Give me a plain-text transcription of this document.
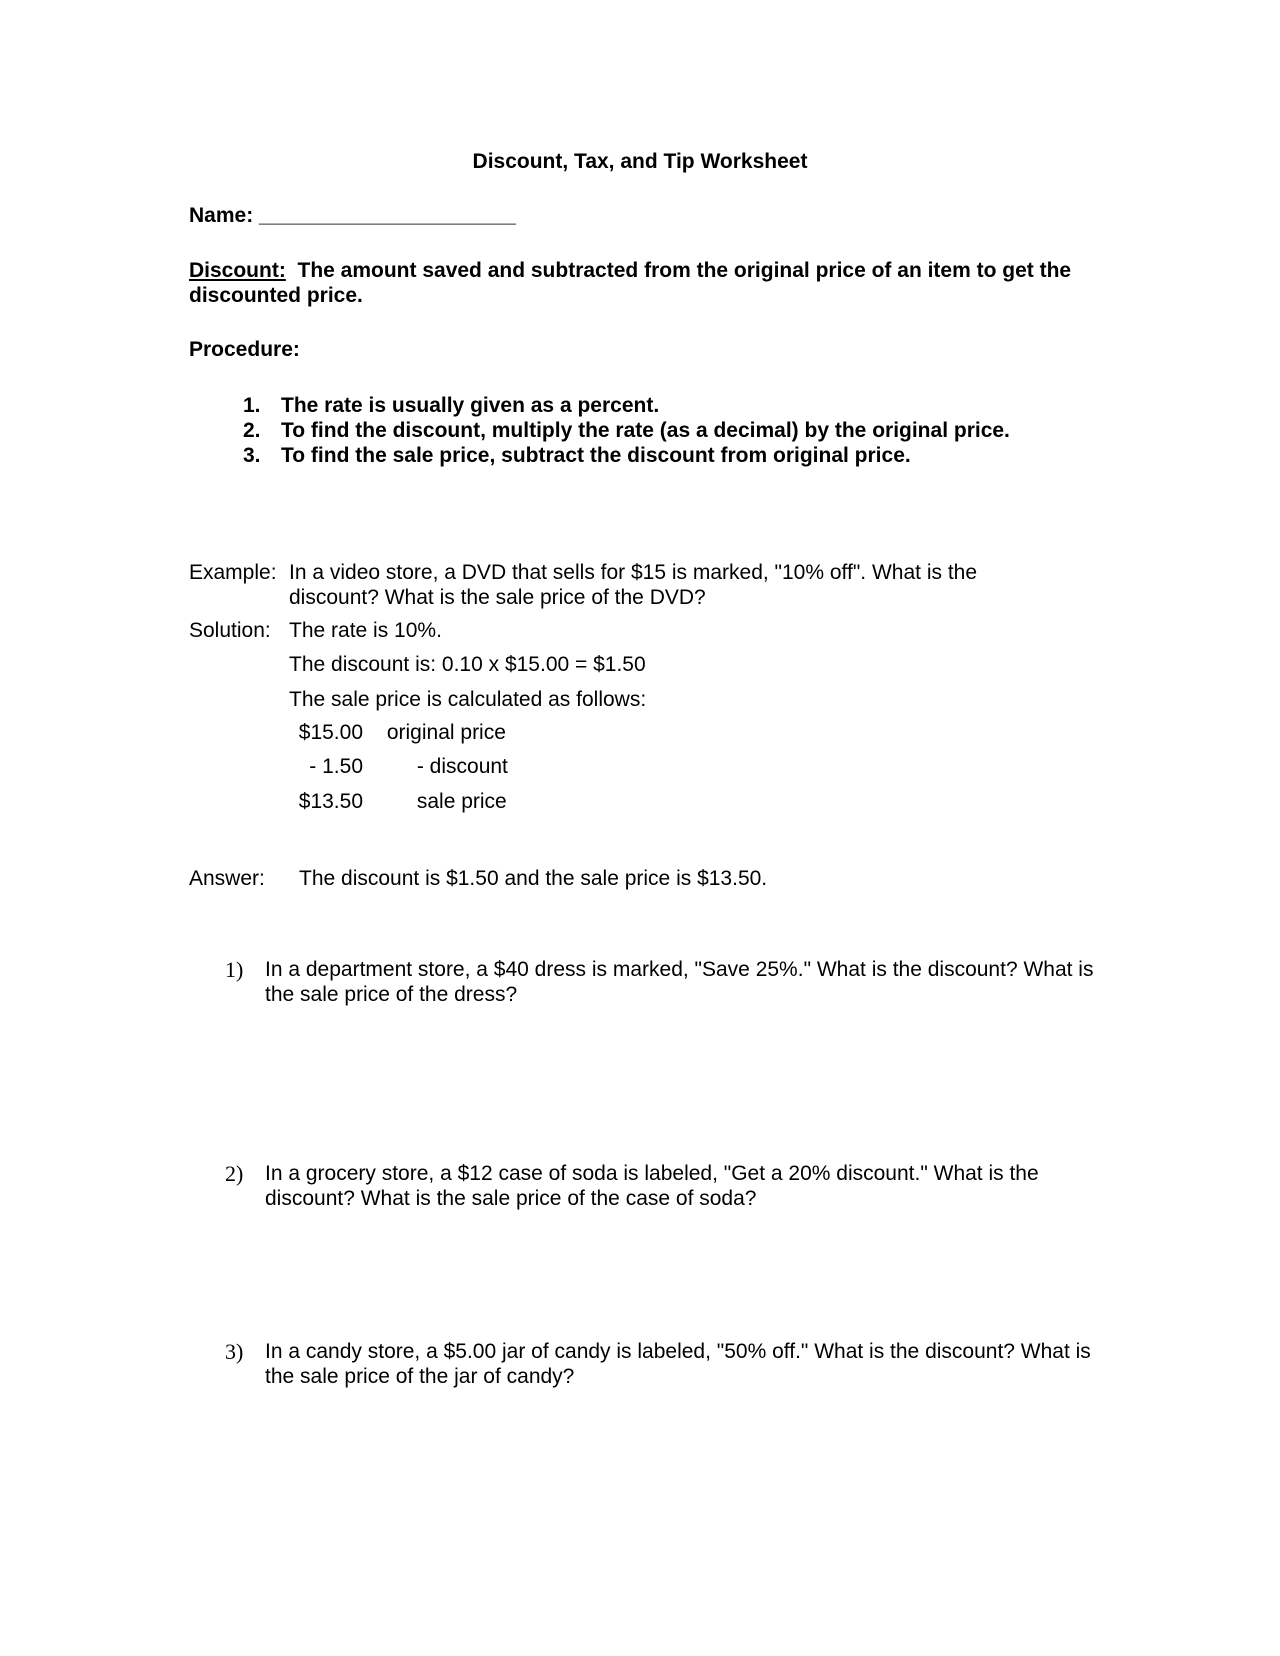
Discount, Tax, and Tip Worksheet
Name: ______________________
Discount: The amount saved and subtracted from the original price of an item to get the discounted price.
Procedure:
1. The rate is usually given as a percent.
2. To find the discount, multiply the rate (as a decimal) by the original price.
3. To find the sale price, subtract the discount from original price.
Example: In a video store, a DVD that sells for $15 is marked, "10% off". What is the discount? What is the sale price of the DVD?
Solution: The rate is 10%.
The discount is: 0.10 x $15.00 = $1.50
The sale price is calculated as follows:
$15.00 original price
- 1.50	- discount
$13.50	sale price
Answer: The discount is $1.50 and the sale price is $13.50.
1)	In a department store, a $40 dress is marked, "Save 25%." What is the discount? What is the sale price of the dress?
2)	In a grocery store, a $12 case of soda is labeled, "Get a 20% discount." What is the discount? What is the sale price of the case of soda?
3)	In a candy store, a $5.00 jar of candy is labeled, "50% off." What is the discount? What is the sale price of the jar of candy?
